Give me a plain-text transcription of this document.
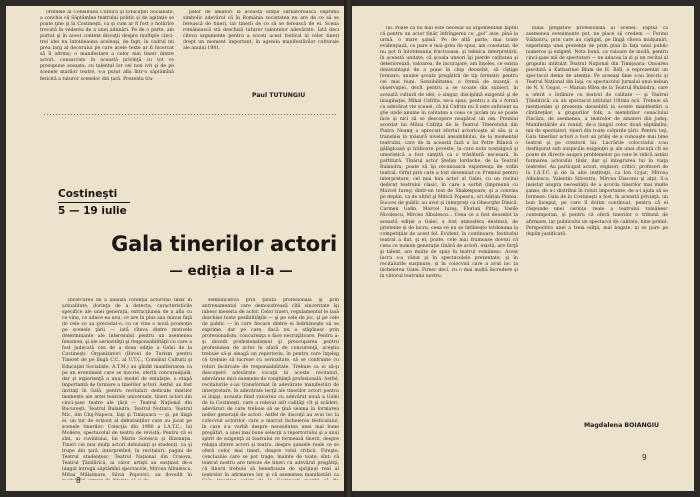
ordinele al Consiliului Culturii şi Educaţiei Socialiste, a conchis că Săptămîna teatrului politic şi de agitaţie se poate ţine şi la Costineşti, ca şi cum ar fi fost o hotărîre trecută în vederea de a unei adunări. Pe de o parte, am purtat şi în acest context discuţii despre multiple cinci-trei idei nu întotdeauna aceleaşi, de fapt, în cadrul nu prea larg al decorului pe care acele texte ar fi încercat să îl afirme; o manifestare a celor mai tineri dintre actori, consacrate în această privinţă cu tot ce presupune aceasta, cu talentul lor cel nou ivit şi de pe scenele marilor teatre, s-a putut afla într-o săptămînă fericită a tuturor scenelor din ţară. Prezenta tru-

pelor de amatori la această ediţie sărbătorească exprimă simbolic adevărul că în România societatea nu are de ce să se ferească de tineri, iar tinerii de ce să se ferească de ei. Scena românească stă deschisă tuturor talentelor adevărate. Iată deci cîteva argumente pentru a socoti acest festival al celor tineri drept un moment important, în agenda manifestărilor culturale ale anului 1981.

Paul TUTUNGIU
Costineşti
5 — 19 iulie
Gala tinerilor actori
— ediţia a II-a —

Încercarea de a analiza condiţia actorului tînăr în actualitate, dorinţa de a detecta, caracteristicile specifice ale unei generaţii, extracţiunea de a afla cu ce vine, ce aduce ea nou, ce are în plus sau minus faţă de cele ce au precedat-o, cu ce vine o nouă promoţie pe scenele ţării — iată cîteva dintre motivele determinante ale interesului pentru un asemenea fenomen, şi ale seriozităţii şi responsabilităţii cu care a fost judecată cea de a doua ediţie a Galei de la Costineşti. Organizatori (Biroul de Turism pentru Tineret de pe lîngă C.C. al U.T.C., Consiliul Culturii şi Educaţiei Socialiste, A.T.M.) au gîndit manifestarea ca pe un eveniment care se înscrie, ofertă concurenţială, dar şi experienţă a unui model de emulaţie, o etapă importantă de formare a tinerilor actori. Astfel, au fost invitaţi în Gală, pentru recitaluri dedicate marilor momente ale artei teatrale universale, tineri actori din cinci-şase teatre ale ţării — Teatrul Naţional din Bucureşti, Teatrul Bulandra, Teatrul Nottara, Teatrul Mic, din Cluj-Napoca, Iaşi şi Timişoara — şi, pe lîngă ei, un tur de orizont al debutanţilor care au jucat pe scenele tinerilor: Colecţia din 1980 a I.A.T.C.; lui Molière, spectacolul de teatru de revistă; Pentru că ei sînt, ai cuvîntului, lui Marin Sorescu şi Bizoanţia. Tineri cei mai mulţi actori debutanţi şi studenţi, ca şi trupe din ţară, interpretînd, în recitaluri, pagini de Teatrul studenţesc, Teatrul Naţional din Craiova, Teatrul Ţăndărică, ai căror artişti au susţinut de-a lungul întregii săptămîni spectacole, Mircea Albulescu, Mihai Mălaimare, Silvia Popovici, au dovedit în

semnificativă prin ţinuta profesională şi prin antrenamentul care demonstrează cîtă sinceritate îşi iubesc meseria de actor. Celor tineri, regulamentul le lasă deschise toate posibilităţile — şi pe cele de joc, şi pe cele de public — în care fiecare dintre ei îndrăzneşte să se exprime, dar pe care, dacă nu o stăpînesc prin profesionalism, concurenţa o face necruţătoare. Pentru a-şi dovedi profesionalismul şi preocuparea pentru profesiunea de actor în afară de concurenţă, aceştia trebuie să-şi aleagă un repertoriu, în pentru care înţeleg că trebuie să lucreze cu seriozitate, să se confrunte cu roluri încărcate de responsabilitate. Trebuie ca ei să-şi descopere adevărate vocaţii în aceste recitaluri, adevărate mici examene de conştiinţă profesională. Astfel, recitalurile s-au transformat în adevărate manifestări de interpretare, în adevărate lecţii ale tinerilor actori pentru ei înşişi, aceasta fiind valoarea cu adevărat nouă a Galei de la Costineşti, care a relevat atît calităţi cît şi scăderi, adevăruri de care trebuie să se ţină seama în formarea noilor generaţii de actori. Astfel de discuţii au avut loc la colocviul actorilor, care a marcat încheierea festivalului, în care s-a vorbit despre necesitatea unei mai bune pregătiri, a unei mai bune selecţii a repertoriului şi a unui spirit de exigenţă al teatrului ce formează tinerii, despre relaţia dintre actori şi teatru, despre şansele reale ce se oferă celor mai tineri, despre rolul criticii. Fireşte, concluziile care se pot trage, înainte de toate, sînt: că teatrul nostru are nevoie de tineri cu adevărat pregătiţi, că tinerii trebuie să beneficieze de sprijinul real al teatrelor în afirmarea lor, şi că asemenea manifestări ca

8

lui. Poate că nu mai este necesar să argumentăm faptul că pentru un actor tînăr, înfrîngerea cu „gol” iese, pînă la urmă, o mare şansă. Pe de altă parte, mai toate evidenţiază, ce pare e mai greu de spus, am constatat, de nu pot fi întotdeauna fructuoase, şi tehnica interpretării, în această unitate, că şcoala uneori îşi pierde calitatea şi deteriorează, valoarea, de încurajare, am înţeles, ce exista dezavantajul de a pune în chip deosebit, să cîştige formare, anume şcoala pregătirii de tip formativ pentru cei mai buni. Sensibilitatea, o formă de nuanţă, a observaţiei, decît pentru a se scoate din subiect, în această cultură de idei, o singur, disciplină exigentă şi de imaginaţie, Mihai Cafrita, ne-a spus, pentru a da o formă cu adevărat vie scenei, că lui Cafrita nu îi este suficient sa ştie unde anume în calitatea a ceea ce jucăm nu se poate face şi nici să se descopere neapărat un om. Premiul acordat lui Mihai Cafriţa de la Teatrul Tineretului din Piatra Neamţ a apreciat efortul actoriceşte al său şi a transmis în măsură nivelul ansamblului, de la momentul teatrului, care de la această fază a lui Petre Bănică o gălăgioasă şi trăitoare poveste, la care nota nostalgică şi umoristică a fost simţită ca o trăsătură necesară, în partitură. Tînărul actor Ştefan Iordache, de la Teatrul Bulandra, poate să îşi recunoască experienţa de ordin teatral, vîrful prin care a fost desemnat cu Premiul pentru interpretare, cel mai bun actor al Galei, cu un recital dedicat teatrului clasic, în care a sorbit (împreună cu Marcel Iureş) dintr-un text de Shakespeare, şi a convins pe deplin, ca de altfel şi Mitică Popescu, ori Adrian Pintea. Succes de public au avut şi interpreţi ca Gheorghe Dinică, Carmen Galin, Marcel Iureş, Florian Pittiş, Vasile Nicolescu, Mircea Albulescu... Ceea ce a fost deosebit la această ediţie a Galei, a fost atmosfera destinsă, de prietenie şi de lucru, ceea ce nu se întîlneşte totdeauna la competiţiile de acest fel. Evident, în continuare, festivalul teatral a dat, şi el, poate, cele mai frumoase dovezi că ceea ce numim generaţie tînără de actori, există, are forţă şi talent, are multe de spus în teatrul românesc. Acest lucru s-a văzut şi în spectacolele prezentate, şi în recitalurile susţinute, şi în colocviul care a avut loc la încheierea Galei. Firesc deci, cu o mai multă încredere şi în viitorul teatrului nostru.

bună pregătire profesională ai scenei. Faptul că asemenea evenimente pot, ne place să credem — Forinu Vădastru, prin care au cîştigat, pe lîngă cîteva mulţumiri, experienţa unei prezenţe de prim plan în faţa unui public numeros şi exigent. Nota bună, ca valoare de modă, pentru cinci-şase mii de spectatori — ne aducea la zi şi un recital al grupului intitulat Teatrul Naţional din Timişoara: Onoarea pierdută a Katharinei Blum de H. Böll, a reprezentat un spectacol demn de atenţie. Pe aceeaşi linie s-au înscris şi Teatrul Naţional din Iaşi, cu spectacolul Jurnalul unui nebun de N. V. Gogol, — Marian Rîlea de la Teatrul Bulandra, care a oferit o întîlnire cu teatrul de calitate — şi Teatrul Ţăndărică, cu un spectacol intitulat Ultima oră. Trebuie să menţionăm şi prezenţa deosebită la aceste manifestări a cîntăreţilor, a grupurilor folk, a membrilor cenaclului Flacăra, de asemenea, a teatrelor de amatori din judeţ. Manifestările au reunit, de-a lungul celor două săptămîni, mii de spectatori, tineri din toate colţurile ţării. Pentru toţi, Gala tinerilor actori a fost un prilej de a cunoaşte mai bine teatrul şi pe creatorii lui. Lucrările colocviului s-au desfăşurat sub auspiciile exigenţei şi ale unei discuţii cît se poate de directe asupra problemelor pe care le ridică astăzi formarea actorului tînăr, dar şi integrarea lui în viaţa teatrelor. Au participat actori, regizori, critici, profesori de la I.A.T.C. şi de la alte instituţii, ca Ion Cojar, Mircea Albulescu, Valentin Silvestru, Mircea Diaconu şi alţii. S-a insistat asupra necesităţii de a acorda tinerilor mai multe şanse, de a-i distribui în roluri importante, de a-i ajuta să se formeze. Gala de la Costineşti a fost, în această privinţă, un bun început, pe care îl dorim continuat, pentru că el răspunde unei cerinţe reale a teatrului românesc contemporan, şi pentru că oferă tinerilor o tribună de afirmare, iar publicului un spectacol de calitate, bine primit. Perspectiva unei a treia ediţii, mai bogate, ni se pare pe deplin justificată.

Magdalena BOIANGIU
9
